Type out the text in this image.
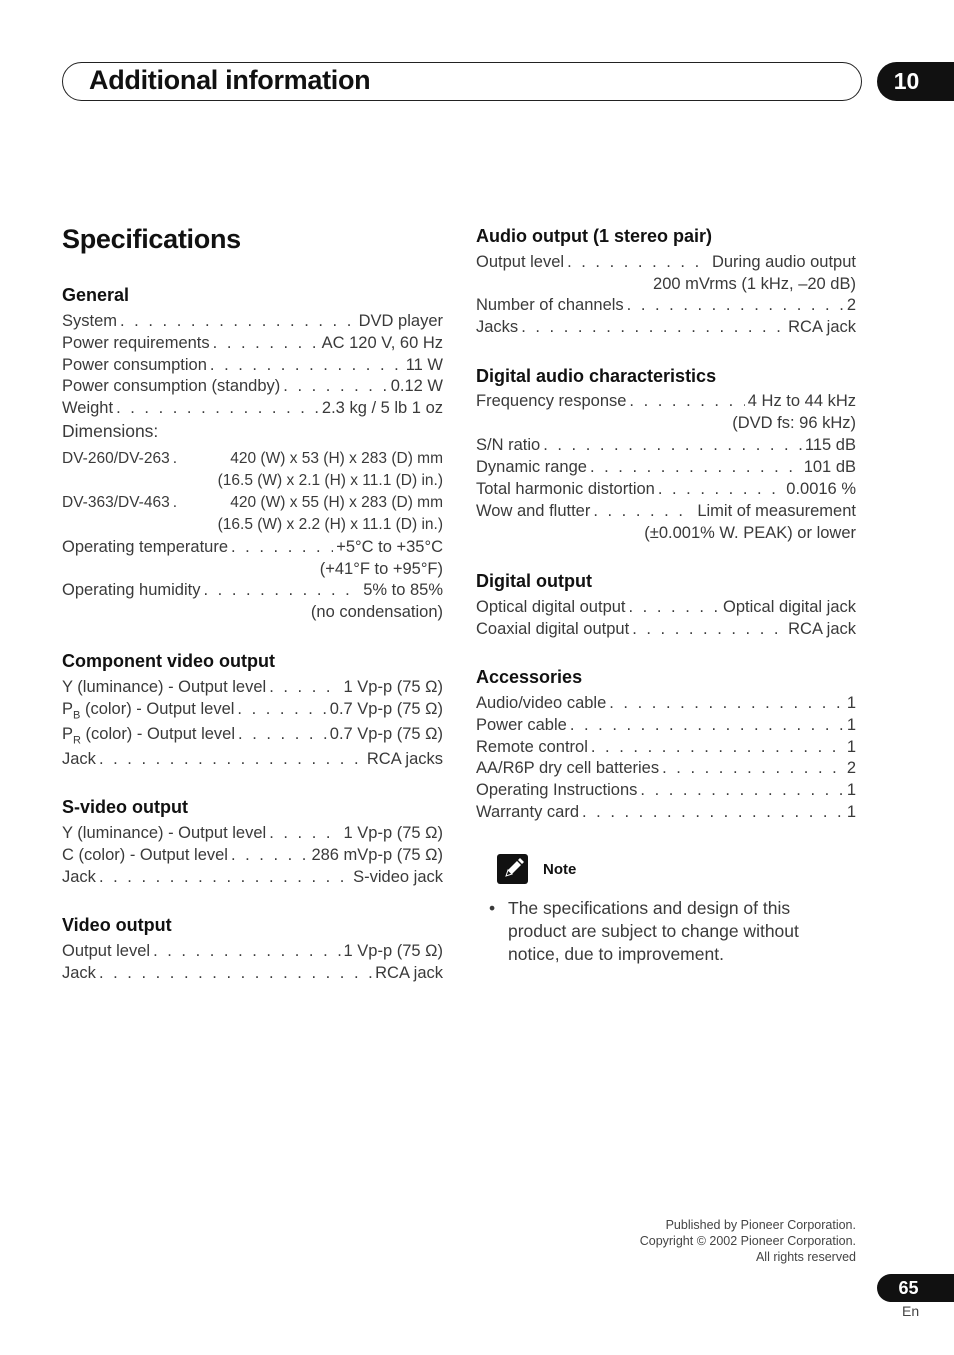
Additional information	10
Specifications
General
System . . .	DVD player
Power requirements . . .	AC 120 V, 60 Hz
Power consumption . . .	11 W
Power consumption (standby) . . .	0.12 W
Weight . . .	2.3 kg / 5 lb 1 oz
Dimensions:
DV-260/DV-263 . . .	420 (W) x 53 (H) x 283 (D) mm
(16.5 (W) x 2.1 (H) x 11.1 (D) in.)
DV-363/DV-463 . . .	420 (W) x 55 (H) x 283 (D) mm
(16.5 (W) x 2.2 (H) x 11.1 (D) in.)
Operating temperature . . .	+5°C to +35°C
(+41°F to +95°F)
Operating humidity . . .	5% to 85%
(no condensation)
Component video output
Y (luminance) - Output level . . .	1 Vp-p (75 Ω)
$P_B$ (color) - Output level . . .	0.7 Vp-p (75 Ω)
$P_R$ (color) - Output level . . .	0.7 Vp-p (75 Ω)
Jack . . .	RCA jacks
S-video output
Y (luminance) - Output level . . .	1 Vp-p (75 Ω)
C (color) - Output level . . .	286 mVp-p (75 Ω)
Jack . . .	S-video jack
Video output
Output level . . .	1 Vp-p (75 Ω)
Jack . . .	RCA jack
Audio output (1 stereo pair)
Output level . . .	During audio output
200 mVrms (1 kHz, –20 dB)
Number of channels . . .	2
Jacks . . .	RCA jack
Digital audio characteristics
Frequency response . . .	4 Hz to 44 kHz
(DVD fs: 96 kHz)
S/N ratio . . .	115 dB
Dynamic range . . .	101 dB
Total harmonic distortion . . .	0.0016 %
Wow and flutter . . .	Limit of measurement
(±0.001% W. PEAK) or lower
Digital output
Optical digital output . . .	Optical digital jack
Coaxial digital output . . .	RCA jack
Accessories
Audio/video cable . . .	1
Power cable . . .	1
Remote control . . .	1
AA/R6P dry cell batteries . . .	2
Operating Instructions . . .	1
Warranty card . . .	1
Note
• The specifications and design of this product are subject to change without notice, due to improvement.
Published by Pioneer Corporation.
Copyright © 2002 Pioneer Corporation.
All rights reserved
65
En
